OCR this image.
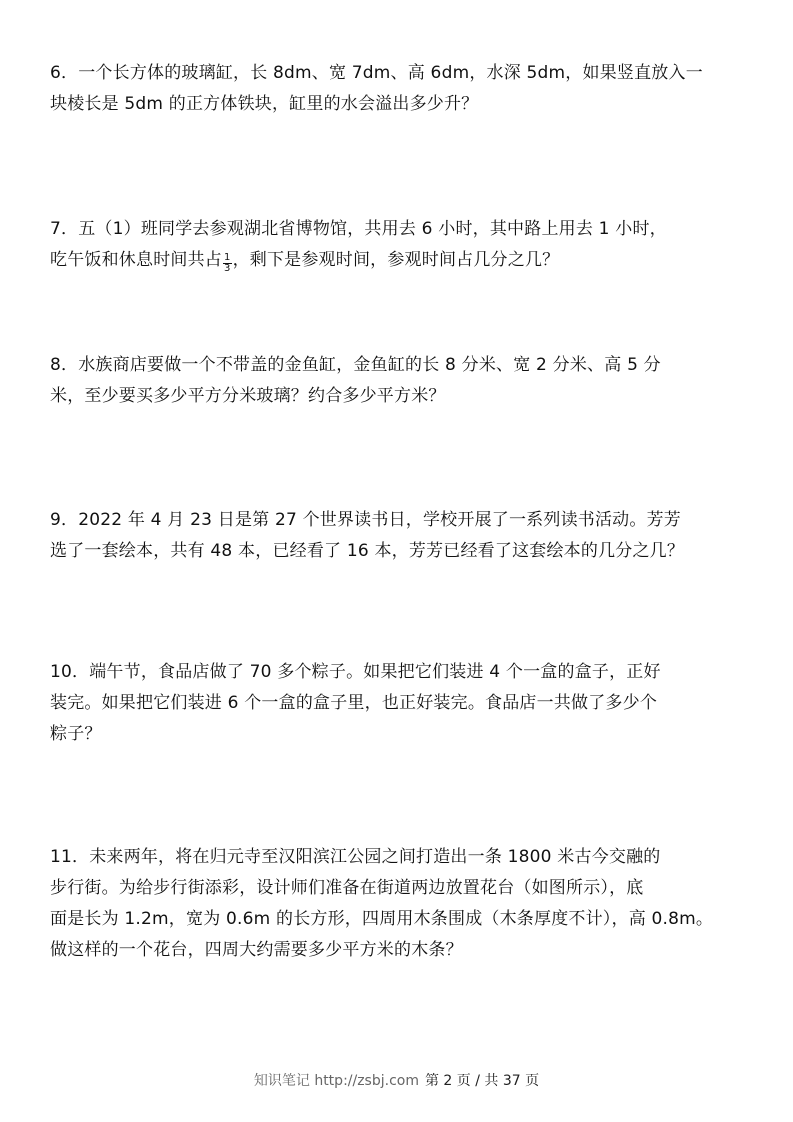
6．一个长方体的玻璃缸，长 8dm、宽 7dm、高 6dm，水深 5dm，如果竖直放入一
块棱长是 5dm 的正方体铁块，缸里的水会溢出多少升？
7．五（1）班同学去参观湖北省博物馆，共用去 6 小时，其中路上用去 1 小时，
吃午饭和休息时间共占 $\frac{1}{3}$ ，剩下是参观时间，参观时间占几分之几？
8．水族商店要做一个不带盖的金鱼缸，金鱼缸的长 8 分米、宽 2 分米、高 5 分
米，至少要买多少平方分米玻璃？约合多少平方米？
9．2022 年 4 月 23 日是第 27 个世界读书日，学校开展了一系列读书活动。芳芳
选了一套绘本，共有 48 本，已经看了 16 本，芳芳已经看了这套绘本的几分之几？
10．端午节，食品店做了 70 多个粽子。如果把它们装进 4 个一盒的盒子，正好
装完。如果把它们装进 6 个一盒的盒子里，也正好装完。食品店一共做了多少个
粽子？
11．未来两年，将在归元寺至汉阳滨江公园之间打造出一条 1800 米古今交融的
步行街。为给步行街添彩，设计师们准备在街道两边放置花台（如图所示），底
面是长为 1.2m，宽为 0.6m 的长方形，四周用木条围成（木条厚度不计），高 0.8m。
做这样的一个花台，四周大约需要多少平方米的木条？
知识笔记 http://zsbj.com 第 2 页 / 共 37 页
